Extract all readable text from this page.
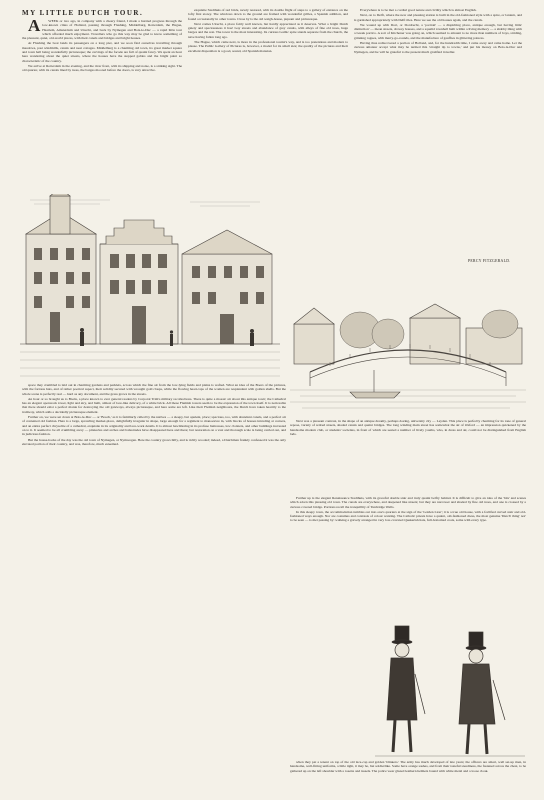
MY LITTLE DUTCH TOUR.

A WEEK or two ago, in company with a cheery friend, I made a hurried progress through the low-known cities of Holland, passing through Flushing, Middelburg, Rotterdam, the Hague, Haarlem, Amsterdam and Utrecht, and back by Nymegen and Bois-le-Duc — a rapid little tour which afforded much enjoyment. Travellers who go this way may be glad to know something of the pleasant, quiet, old-world places, with their canals and bridges and bright houses.

At Flushing the boat lands its passengers on a long pier, and we soon find ourselves travelling through meadows, past windmills, canals and neat cottages. Middelburg is a charming old town, its great market square and town hall being wonderfully picturesque; the carvings of the facade are full of quaint fancy. We spent an hour here wandering about the quiet streets, where the houses have the stepped gables and the bright paint so characteristic of the country.

We arrive at Rotterdam in the evening, and the river front, with its shipping and noise, is a striking sight. The old quarter, with its canals lined by trees, the barges moored before the doors, is very attractive.

exquisite Stadthuis of red brick, newly restored, with its double flight of steps to a gallery of entrance on the lofty first storey. The windows down to the ground are framed with wonderful grilles, a Spanish addition, and found occasionally in other towns. Close by is the old weigh-house, piquant and picturesque.

Next comes Utrecht, a place fairly well known, but hardly appreciated as it deserves. What a bright Dutch gaiety and spaciousness it has! Gay streets and abundance of grey canals, with alleys of fine old trees, huge barges and the rest. The tower is the most interesting. Its curious Gothic spire stands separate from the church, the nave having fallen long ago.

The Hague, which came next, is more in the professional tourist's way, and is too pretentious and modern to please. The Public Gallery of Pictures is, however, a model for its small size; the quality of the pictures and their excellent disposition is a good, sound, old Spanish mansion.

Everywhere is to be met a cordial good nature and civility which is almost English.

Next, on to Delft, where the new and pleasing station is built in the old-fashioned style with a spire, or lantern, and is garnished appropriately with Delft tiles. Here we see the old houses again, and the canals.

We wound up with Dort, or Dordrecht, a 'portrait' — a dispiriting place, antique enough, but having little' distinction' — mean streets, drowsy houses, and a squalid townhall built within a living memory — a shabby thing with a Greek portico. A sort of Kitchener was going on, which seemed to amount to no more than numbers of boys, striding, grinning rogues, with merry-go-rounds, and the manufacture of gauffres in glittering palaces.

Having thus rediscovered a portion of Holland, and, for the hundredth time, I came away and came home. Let the curious amateur accept what may be termed this 'straight tip to towns,' and put his money on Bois-le-Duc and Nymegen, and he will be grateful to the present much gratified traveller.

PERCY FITZGERALD.

space they crumbled is laid out in charming gardens and parklets, across which the fine air from the low-lying fields and plains is wafted. What an idea of the Boers of the pictures, with the fortress hats, and of rather poetical aspect, their solidity secured with wrought gold clasps, while the flowing head-caps of the women are resplendent with golden shells. But the whole scene is perfectly real — hard as any document, and the grass grows in the streets.

An hour or so brought us to Breda, a place known to ever general readers by Corporal Trim's military recollections. There is quite a mosaic air about this antique town; the Cathedral has an elegant openwork tower, light and airy, and built, almost of lace-like delicacy, of a white brick. All these Flemish towers seem to be the expression of the town itself. It is noticeable that there should exist a perfect mania for destroying the old gateways, always picturesque, and here some are left. Like their Flemish neighbours, the Dutch have taken heartily to the tramway, which adds a decidedly picturesque element.

Further on, we were set down at Bois-le-Duc — or 'Bosch,' as it is familiarly called by the natives — a sleepy, but opulent, place; spacious, too, with abundant canals, and a perfect air of contented old fashion. Here is a large, sprawling market-place, delightfully irregular in shape, large enough for a regiment to manoeuvre in, with blocks of houses intruding at corners, and an entire perfect chrysolite of a cathedral, exquisite in its originality and lace-work details. It is almost bewildering in its profuse buttresses, low cloisters, and other buildings incrusted on to it. It seemed to be all crumbling away — pinnacles and arches and balustrades have disappeared here and there; but restoration on a vast and thorough scale is being carried out, and in judicious fashion.

But the house-backs of the day was the old town of Nymegen, or Nymwegen. Here the country grows hilly, and is richly wooded; indeed, a Dutchman frankly confessed it was the only elevated portion of their country, and was, therefore, much esteemed.

Next was a pleasant contrast, in the shape of an antique dreamy, perhaps dozing, university city — Leyden. This place is perfectly charming for its tone of general repose, variety of retired streets, shaded canals and quaint bridges. The long winding main street has somewhat the air of Oxford — an impression quickened by the handsome modern club, or students' societies, in front of which are seated a number of lively youths, who, in dress and air, could not be distinguished from English lads.

Further up is the elegant Renaissance Stadthuis, with its graceful double stair and truly quaint belfry behind. It is difficult to give an idea of the 'bits' and scenes which adorn this pleasing old town. The canals are everywhere, and deepened like streets; but they are narrower and shaded by fine old trees, and one is crossed by a curious covered bridge. Portions recall the tranquillity of Tunbridge Wells.

In this sleepy town, the accommodation tumbles out into one's quarters at the sign of the 'Golden Lion'; it is a true old house, with a fortified curved stair and old-fashioned ways enough. Nor are costumes and contrasts of colour wanting. The Catholic priests have a quaint, old-fashioned dress, the most genuine 'Dutch' thing' not' to be seen — is met passing by: walking a gravely arranged in very low-cravated Quakerish hats, full-bottomed coats, some with every type.

when they pat a tenant on top of the old lace-cap and golden 'blinkers.' The army has much developed of late years; the officers are smart, well set-up men, in handsome, well-fitting uniforms, a little tight, it may be, but soldierlike. Some have orange sashes, and from their tasteful steadiness, the fastened across the chest, to be gathered up on the left shoulder with a rosette and tassels. The police wear glazed leathern helmets bound with white metal and a loose cloak.
